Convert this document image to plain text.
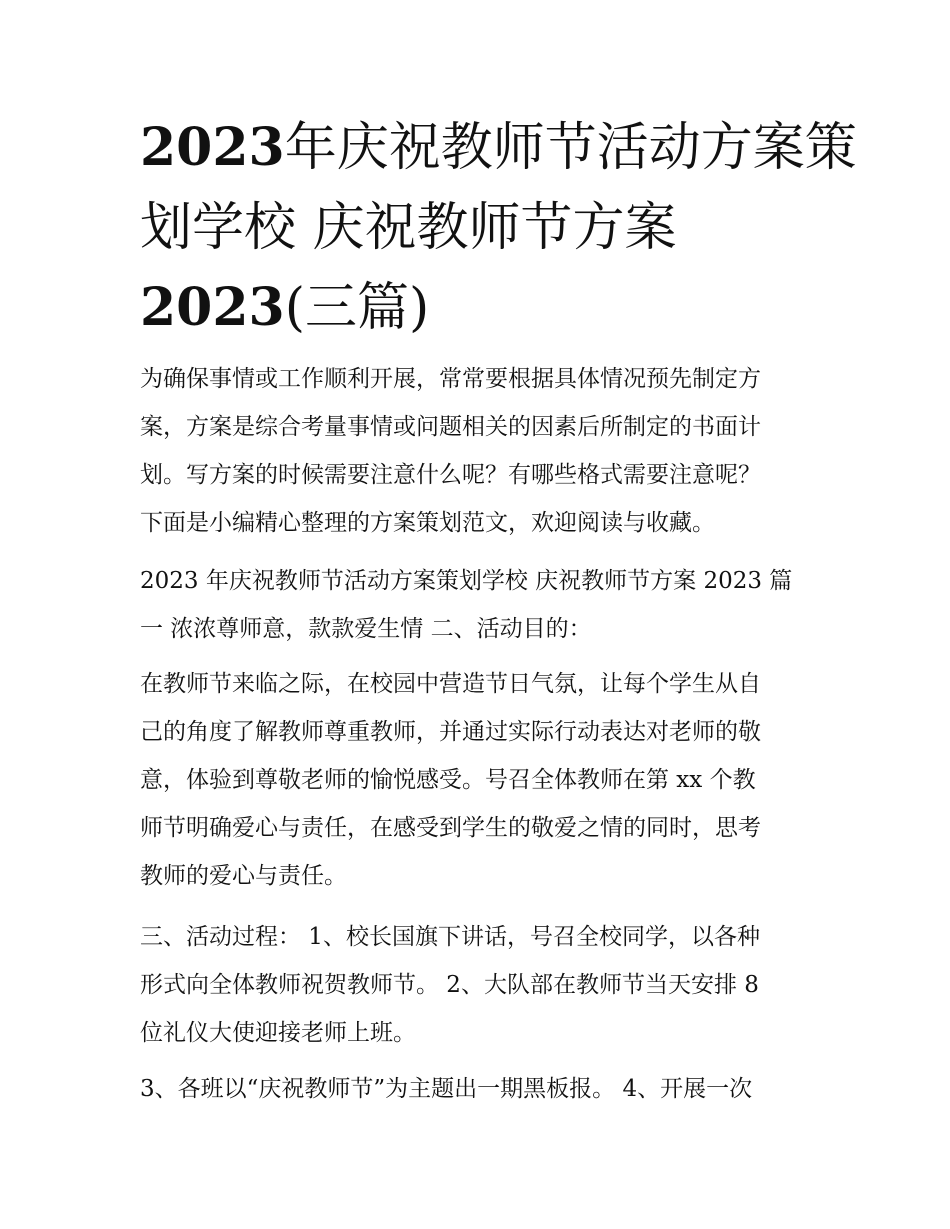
2023年庆祝教师节活动方案策
划学校 庆祝教师节方案
2023(三篇)
为确保事情或工作顺利开展，常常要根据具体情况预先制定方
案，方案是综合考量事情或问题相关的因素后所制定的书面计
划。写方案的时候需要注意什么呢？有哪些格式需要注意呢？
下面是小编精心整理的方案策划范文，欢迎阅读与收藏。
2023 年庆祝教师节活动方案策划学校 庆祝教师节方案 2023 篇
一 浓浓尊师意，款款爱生情 二、活动目的：
在教师节来临之际，在校园中营造节日气氛，让每个学生从自
己的角度了解教师尊重教师，并通过实际行动表达对老师的敬
意，体验到尊敬老师的愉悦感受。号召全体教师在第 xx 个教
师节明确爱心与责任，在感受到学生的敬爱之情的同时，思考
教师的爱心与责任。
三、活动过程： 1、校长国旗下讲话，号召全校同学，以各种
形式向全体教师祝贺教师节。 2、大队部在教师节当天安排 8
位礼仪大使迎接老师上班。
3、各班以“庆祝教师节”为主题出一期黑板报。 4、开展一次
